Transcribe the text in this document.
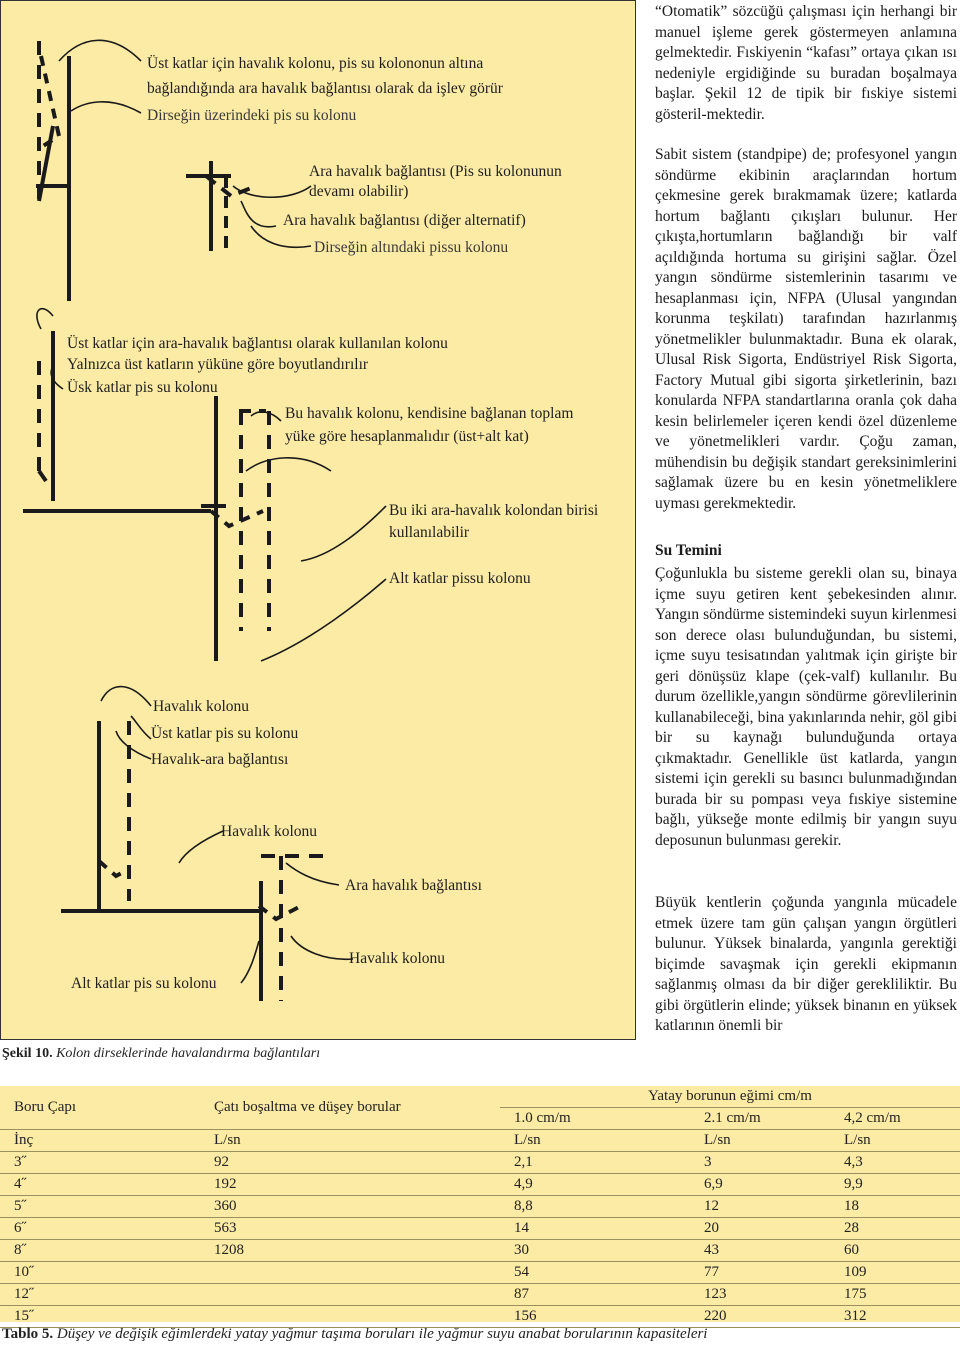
Üst katlar için havalık kolonu, pis su kolononun altına
bağlandığında ara havalık bağlantısı olarak da işlev görür
Dirseğin üzerindeki pis su kolonu
Ara havalık bağlantısı (Pis su kolonunun
devamı olabilir)
Ara havalık bağlantısı (diğer alternatif)
Dirseğin altındaki pissu kolonu
Üst katlar için ara-havalık bağlantısı olarak kullanılan kolonu
Yalnızca üst katların yüküne göre boyutlandırılır
Üsk katlar pis su kolonu
Bu havalık kolonu, kendisine bağlanan toplam
yüke göre hesaplanmalıdır (üst+alt kat)
Bu iki ara-havalık kolondan birisi
kullanılabilir
Alt katlar pissu kolonu
Havalık kolonu
Üst katlar pis su kolonu
Havalık-ara bağlantısı
Havalık kolonu
Ara havalık bağlantısı
Havalık kolonu
Alt katlar pis su kolonu
Şekil 10. Kolon dirseklerinde havalandırma bağlantıları

“Otomatik” sözcüğü çalışması için herhangi bir manuel işleme gerek göstermeyen anlamına gelmektedir. Fıskiyenin “kafası” ortaya çıkan ısı nedeniyle ergidiğinde su buradan boşalmaya başlar. Şekil 12 de tipik bir fıskiye sistemi gösteril-mektedir.

Sabit sistem (standpipe) de; profesyonel yangın söndürme ekibinin araçlarından hortum çekmesine gerek bırakmamak üzere; katlarda hortum bağlantı çıkışları bulunur. Her çıkışta,hortumların bağlandığı bir valf açıldığında hortuma su girişini sağlar. Özel yangın söndürme sistemlerinin tasarımı ve hesaplanması için, NFPA (Ulusal yangından korunma teşkilatı) tarafından hazırlanmış yönetmelikler bulunmaktadır. Buna ek olarak, Ulusal Risk Sigorta, Endüstriyel Risk Sigorta, Factory Mutual gibi sigorta şirketlerinin, bazı konularda NFPA standartlarına oranla çok daha kesin belirlemeler içeren kendi özel düzenleme ve yönetmelikleri vardır. Çoğu zaman, mühendisin bu değişik standart gereksinimlerini sağlamak üzere bu en kesin yönetmeliklere uyması gerekmektedir.

Su Temini

Çoğunlukla bu sisteme gerekli olan su, binaya içme suyu getiren kent şebekesinden alınır. Yangın söndürme sistemindeki suyun kirlenmesi son derece olası bulunduğundan, bu sistemi, içme suyu tesisatından yalıtmak için girişte bir geri dönüşsüz klape (çek-valf) kullanılır. Bu durum özellikle,yangın söndürme görevlilerinin kullanabileceği, bina yakınlarında nehir, göl gibi bir su kaynağı bulunduğunda ortaya çıkmaktadır. Genellikle üst katlarda, yangın sistemi için gerekli su basıncı bulunmadığından burada bir su pompası veya fıskiye sistemine bağlı, yükseğe monte edilmiş bir yangın suyu deposunun bulunması gerekir.

Büyük kentlerin çoğunda yangınla mücadele etmek üzere tam gün çalışan yangın örgütleri bulunur. Yüksek binalarda, yangınla gerektiği biçimde savaşmak için gerekli ekipmanın sağlanmış olması da bir diğer gerekliliktir. Bu gibi örgütlerin elinde; yüksek binanın en yüksek katlarının önemli bir

Boru Çapı	Çatı boşaltma ve düşey borular	Yatay borunun eğimi cm/m		
		1.0 cm/m	2.1 cm/m	4,2 cm/m
İnç	L/sn	L/sn	L/sn	L/sn
3˝	92	2,1	3	4,3
4˝	192	4,9	6,9	9,9
5˝	360	8,8	12	18
6˝	563	14	20	28
8˝	1208	30	43	60
10˝		54	77	109
12˝		87	123	175
15˝		156	220	312
Tablo 5. Düşey ve değişik eğimlerdeki yatay yağmur taşıma boruları ile yağmur suyu anabat borularının kapasiteleri
